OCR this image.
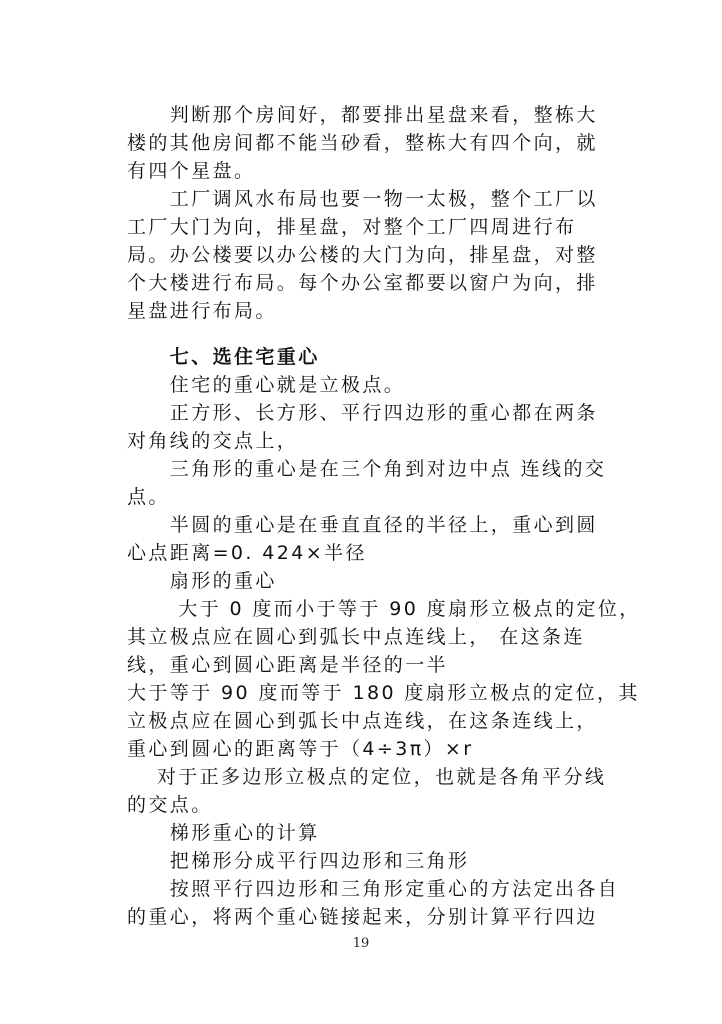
　　判断那个房间好，都要排出星盘来看，整栋大
楼的其他房间都不能当砂看，整栋大有四个向，就
有四个星盘。
　　工厂调风水布局也要一物一太极，整个工厂以
工厂大门为向，排星盘，对整个工厂四周进行布
局。办公楼要以办公楼的大门为向，排星盘，对整
个大楼进行布局。每个办公室都要以窗户为向，排
星盘进行布局。
　　七、选住宅重心
　　住宅的重心就是立极点。
　　正方形、长方形、平行四边形的重心都在两条
对角线的交点上，
　　三角形的重心是在三个角到对边中点 连线的交
点。
　　半圆的重心是在垂直直径的半径上，重心到圆
心点距离=0. 424×半径
　　扇形的重心
　　 大于 0 度而小于等于 90 度扇形立极点的定位，
其立极点应在圆心到弧长中点连线上， 在这条连
线，重心到圆心距离是半径的一半
大于等于 90 度而等于 180 度扇形立极点的定位，其
立极点应在圆心到弧长中点连线，在这条连线上，
重心到圆心的距离等于（4÷3π）×r
　 对于正多边形立极点的定位，也就是各角平分线
的交点。
　　梯形重心的计算
　　把梯形分成平行四边形和三角形
　　按照平行四边形和三角形定重心的方法定出各自
的重心，将两个重心链接起来，分别计算平行四边
19
